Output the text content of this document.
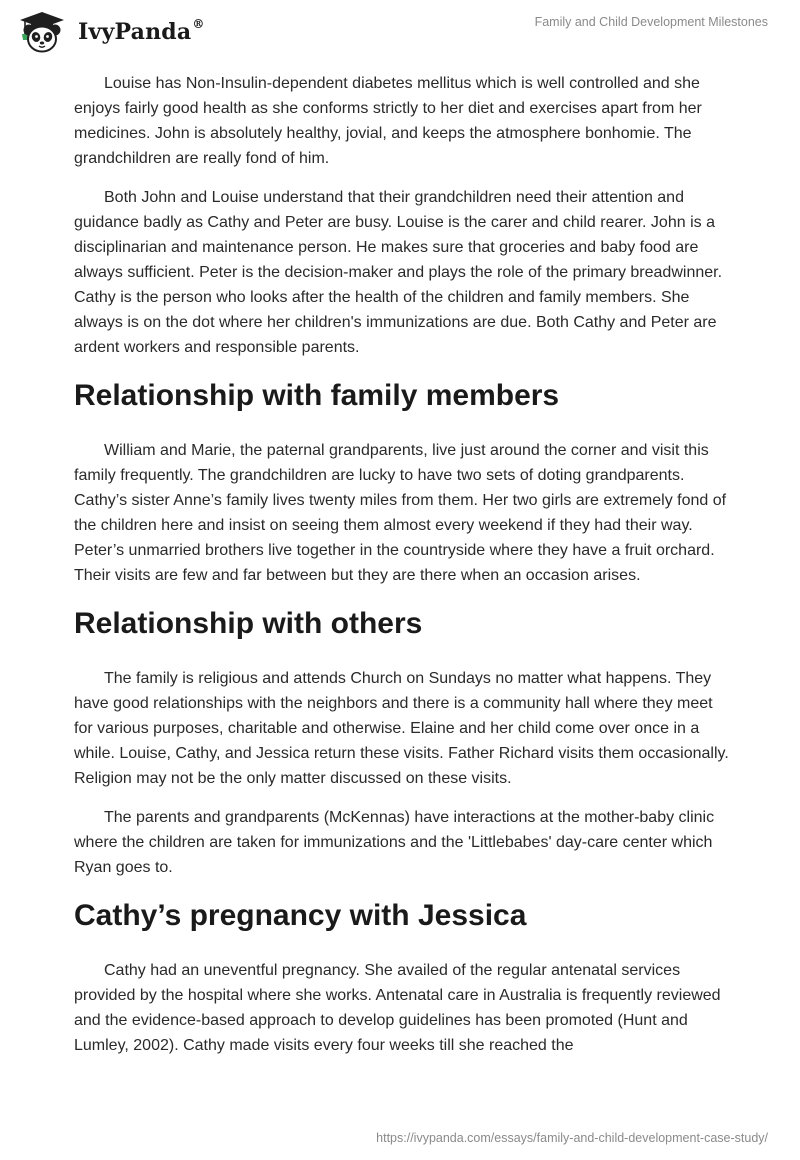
IvyPanda®	Family and Child Development Milestones

Louise has Non-Insulin-dependent diabetes mellitus which is well controlled and she enjoys fairly good health as she conforms strictly to her diet and exercises apart from her medicines. John is absolutely healthy, jovial, and keeps the atmosphere bonhomie. The grandchildren are really fond of him.

Both John and Louise understand that their grandchildren need their attention and guidance badly as Cathy and Peter are busy. Louise is the carer and child rearer. John is a disciplinarian and maintenance person. He makes sure that groceries and baby food are always sufficient. Peter is the decision-maker and plays the role of the primary breadwinner. Cathy is the person who looks after the health of the children and family members. She always is on the dot where her children's immunizations are due. Both Cathy and Peter are ardent workers and responsible parents.

Relationship with family members

William and Marie, the paternal grandparents, live just around the corner and visit this family frequently. The grandchildren are lucky to have two sets of doting grandparents. Cathy’s sister Anne’s family lives twenty miles from them. Her two girls are extremely fond of the children here and insist on seeing them almost every weekend if they had their way. Peter’s unmarried brothers live together in the countryside where they have a fruit orchard. Their visits are few and far between but they are there when an occasion arises.

Relationship with others

The family is religious and attends Church on Sundays no matter what happens. They have good relationships with the neighbors and there is a community hall where they meet for various purposes, charitable and otherwise. Elaine and her child come over once in a while. Louise, Cathy, and Jessica return these visits. Father Richard visits them occasionally. Religion may not be the only matter discussed on these visits.

The parents and grandparents (McKennas) have interactions at the mother-baby clinic where the children are taken for immunizations and the 'Littlebabes' day-care center which Ryan goes to.

Cathy’s pregnancy with Jessica

Cathy had an uneventful pregnancy. She availed of the regular antenatal services provided by the hospital where she works. Antenatal care in Australia is frequently reviewed and the evidence-based approach to develop guidelines has been promoted (Hunt and Lumley, 2002). Cathy made visits every four weeks till she reached the

https://ivypanda.com/essays/family-and-child-development-case-study/
